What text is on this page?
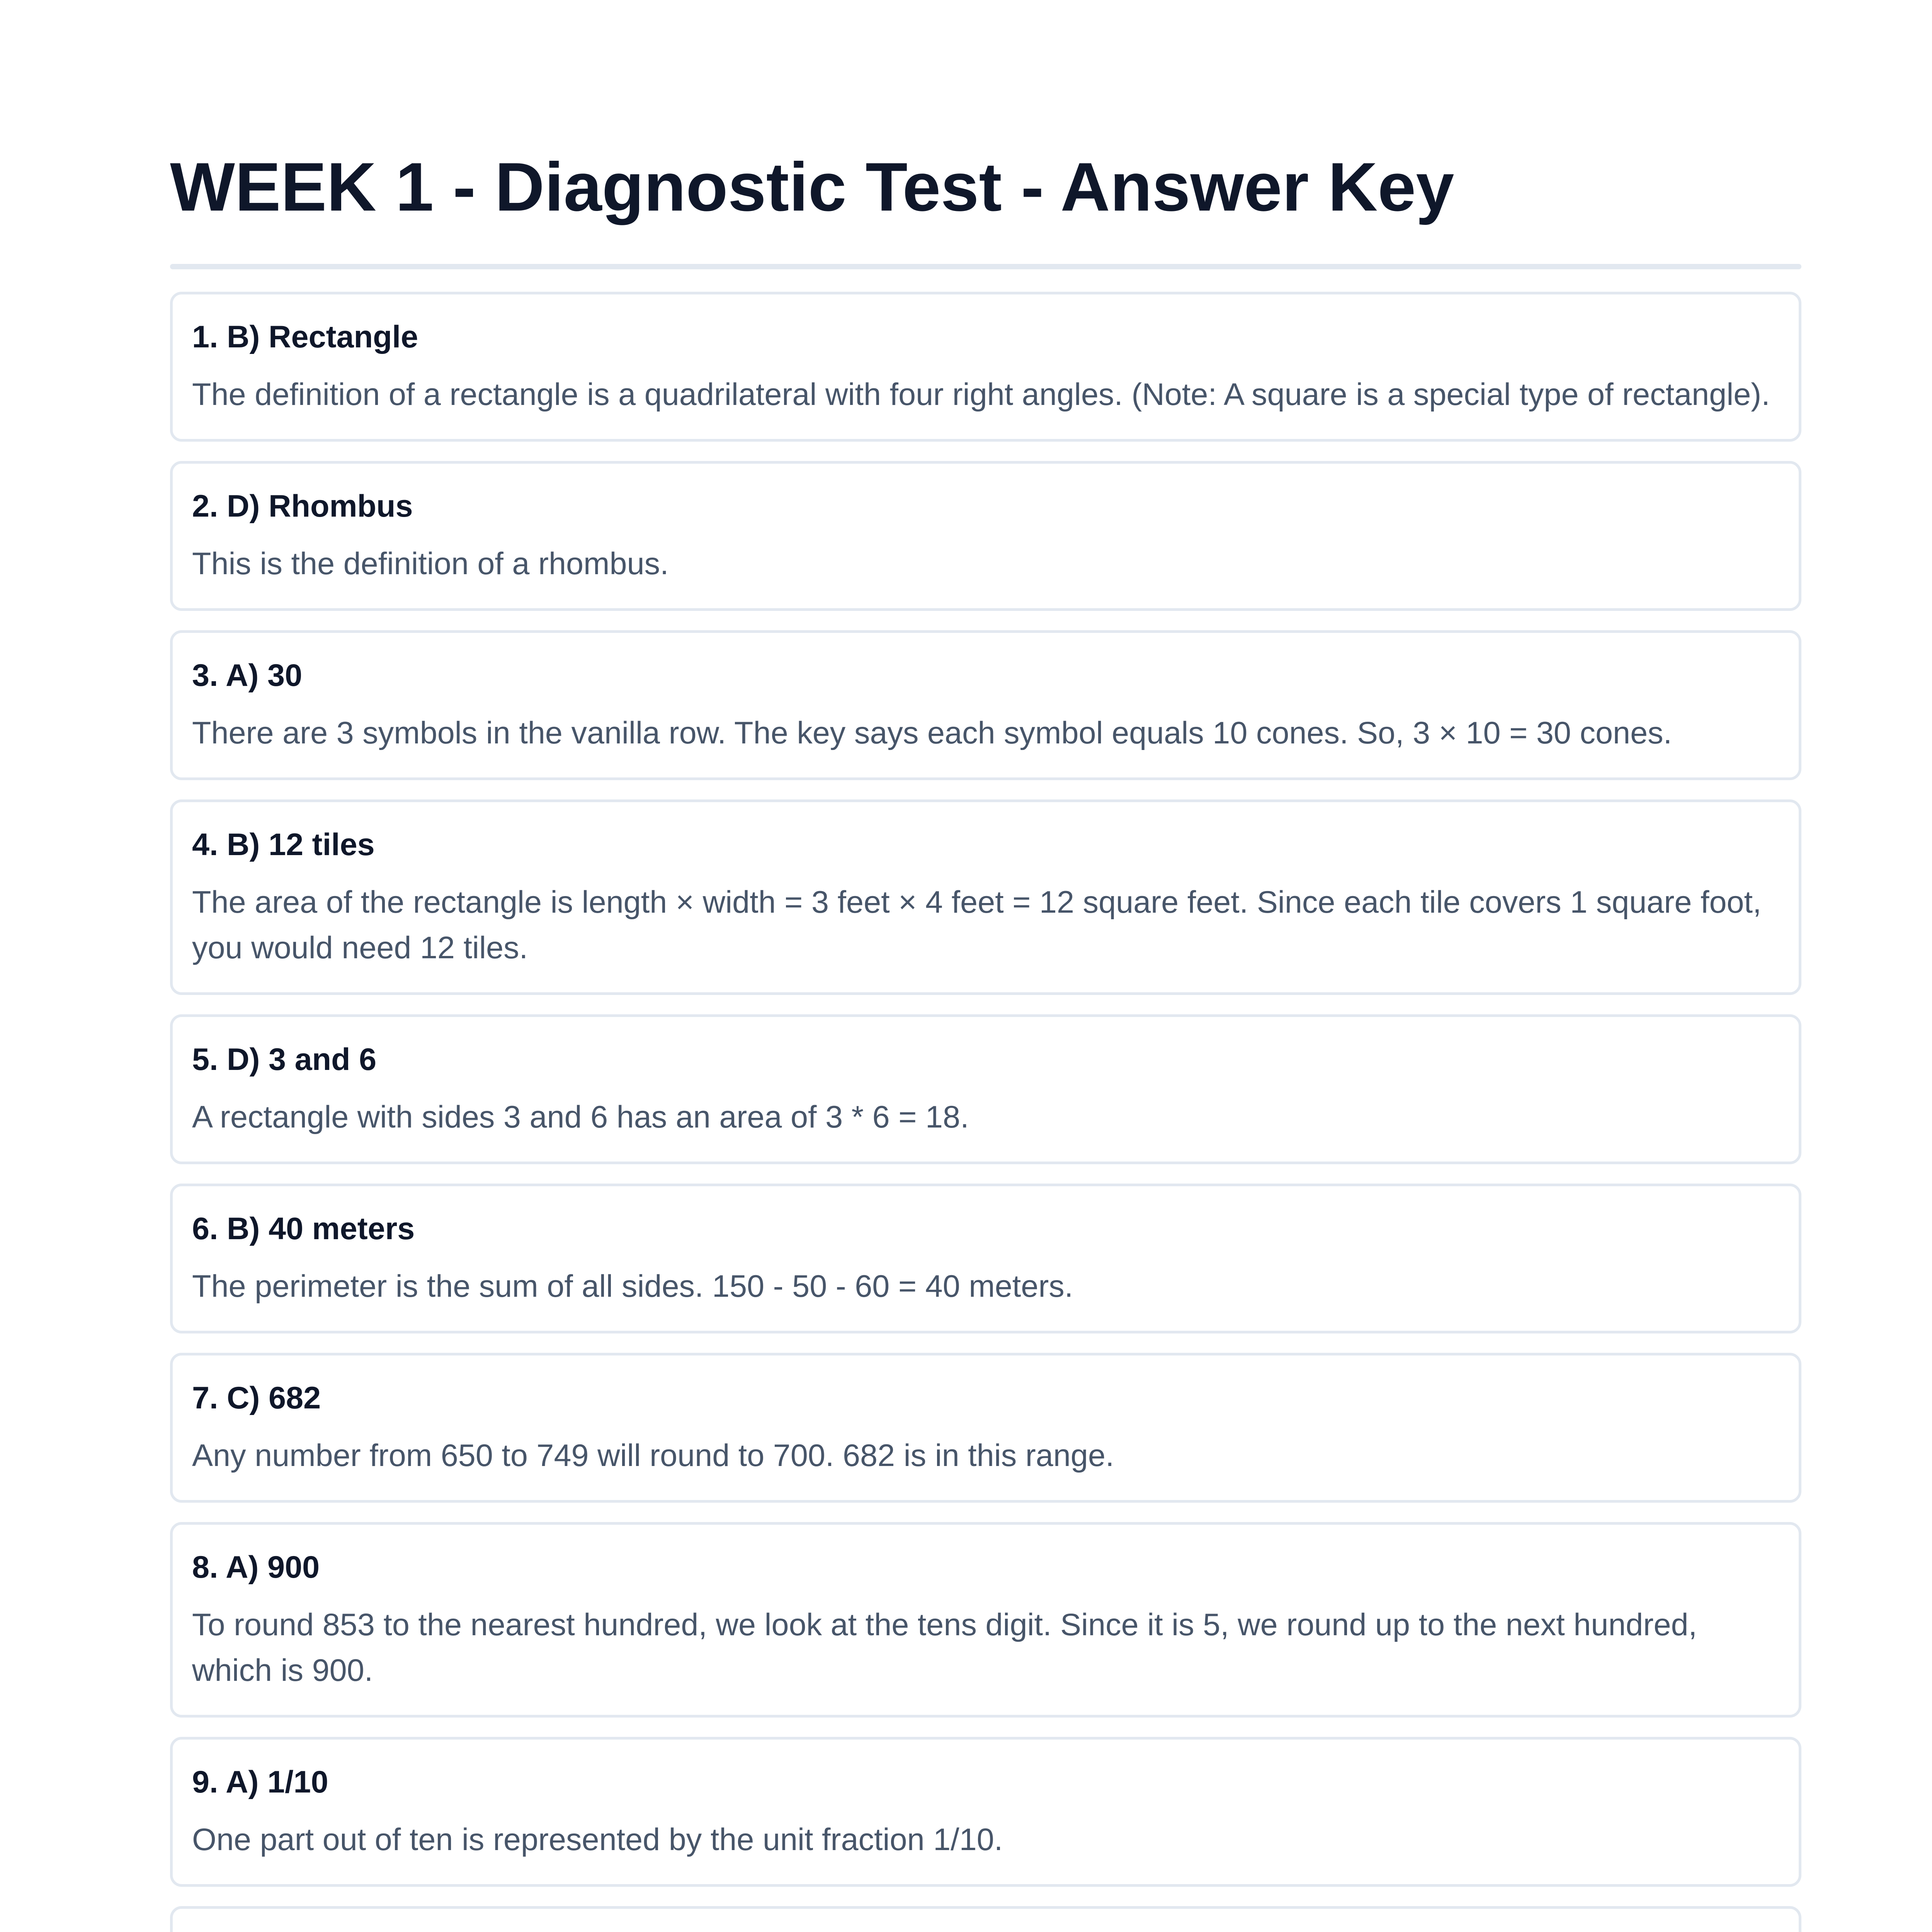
WEEK 1 - Diagnostic Test - Answer Key
1. B) Rectangle
The definition of a rectangle is a quadrilateral with four right angles. (Note: A square is a special type of rectangle).
2. D) Rhombus
This is the definition of a rhombus.
3. A) 30
There are 3 symbols in the vanilla row. The key says each symbol equals 10 cones. So, 3 × 10 = 30 cones.
4. B) 12 tiles
The area of the rectangle is length × width = 3 feet × 4 feet = 12 square feet. Since each tile covers 1 square foot, you would need 12 tiles.
5. D) 3 and 6
A rectangle with sides 3 and 6 has an area of 3 * 6 = 18.
6. B) 40 meters
The perimeter is the sum of all sides. 150 - 50 - 60 = 40 meters.
7. C) 682
Any number from 650 to 749 will round to 700. 682 is in this range.
8. A) 900
To round 853 to the nearest hundred, we look at the tens digit. Since it is 5, we round up to the next hundred, which is 900.
9. A) 1/10
One part out of ten is represented by the unit fraction 1/10.
